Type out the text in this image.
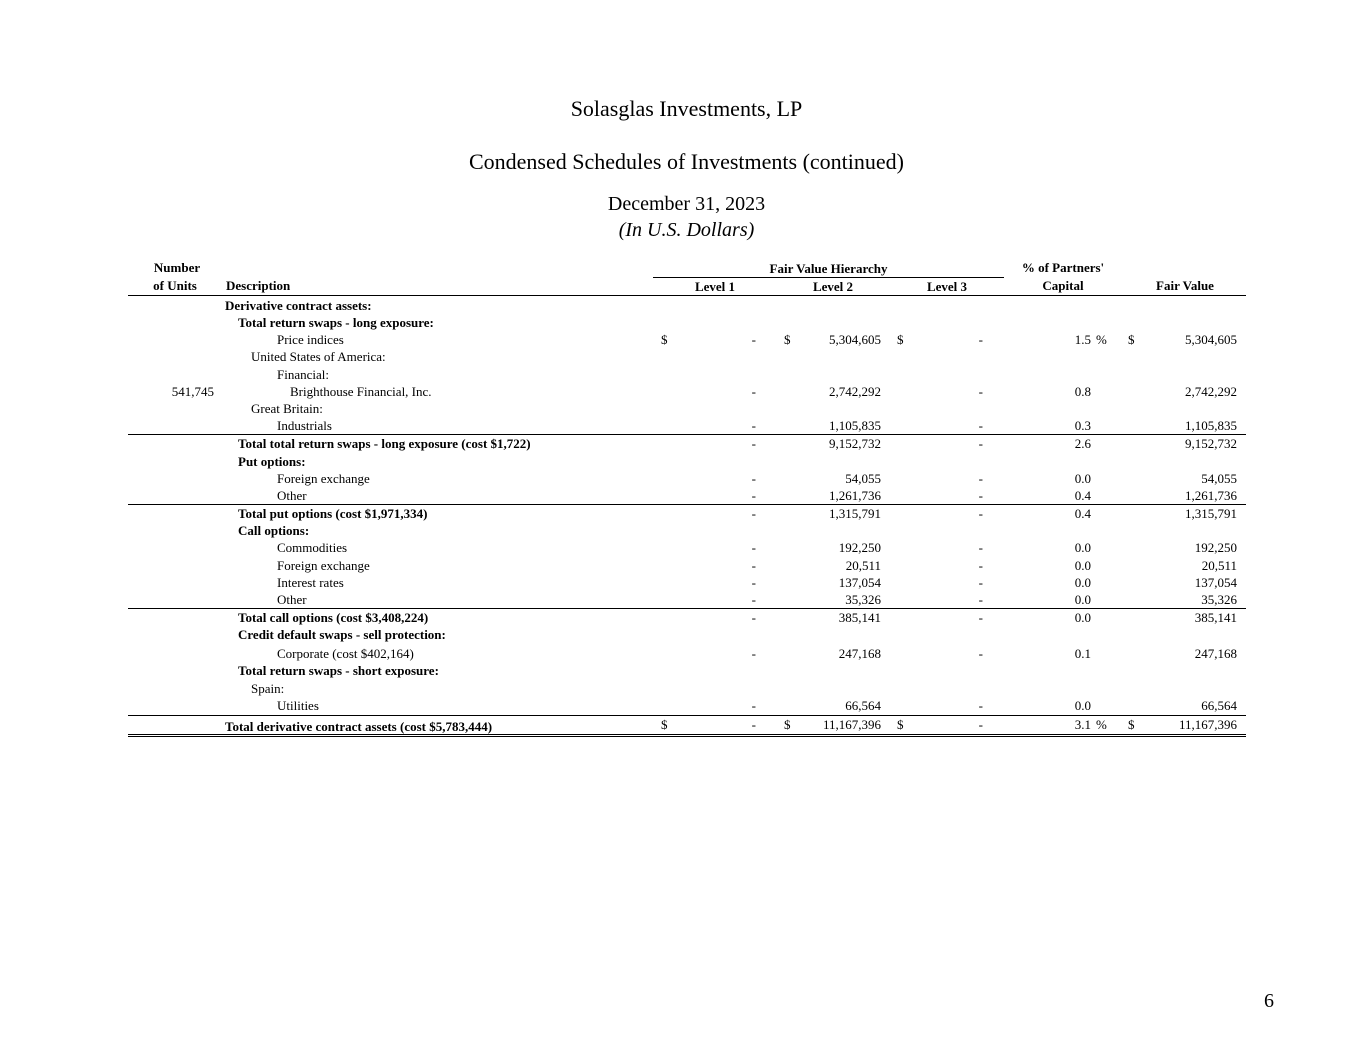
Solasglas Investments, LP
Condensed Schedules of Investments (continued)
December 31, 2023
(In U.S. Dollars)
Number
of Units	Description
Fair Value Hierarchy
Level 1	Level 2	Level 3
% of Partners'
Capital	Fair Value
Derivative contract assets:
Total return swaps - long exposure:
Price indices	$	- $	5,304,605 $	-	1.5 % $	5,304,605
United States of America:
Financial:
541,745	Brighthouse Financial, Inc.	-	2,742,292	-	0.8	2,742,292
Great Britain:
Industrials	-	1,105,835	-	0.3	1,105,835
Total total return swaps - long exposure (cost $1,722)	-	9,152,732	-	2.6	9,152,732
Put options:
Foreign exchange	-	54,055	-	0.0	54,055
Other	-	1,261,736	-	0.4	1,261,736
Total put options (cost $1,971,334)	-	1,315,791	-	0.4	1,315,791
Call options:
Commodities	-	192,250	-	0.0	192,250
Foreign exchange	-	20,511	-	0.0	20,511
Interest rates	-	137,054	-	0.0	137,054
Other	-	35,326	-	0.0	35,326
Total call options (cost $3,408,224)	-	385,141	-	0.0	385,141
Credit default swaps - sell protection:
Corporate (cost $402,164)	-	247,168	-	0.1	247,168
Total return swaps - short exposure:
Spain:
Utilities	-	66,564	-	0.0	66,564
Total derivative contract assets (cost $5,783,444)	$	- $ 11,167,396 $	-	3.1 % $	11,167,396
6
